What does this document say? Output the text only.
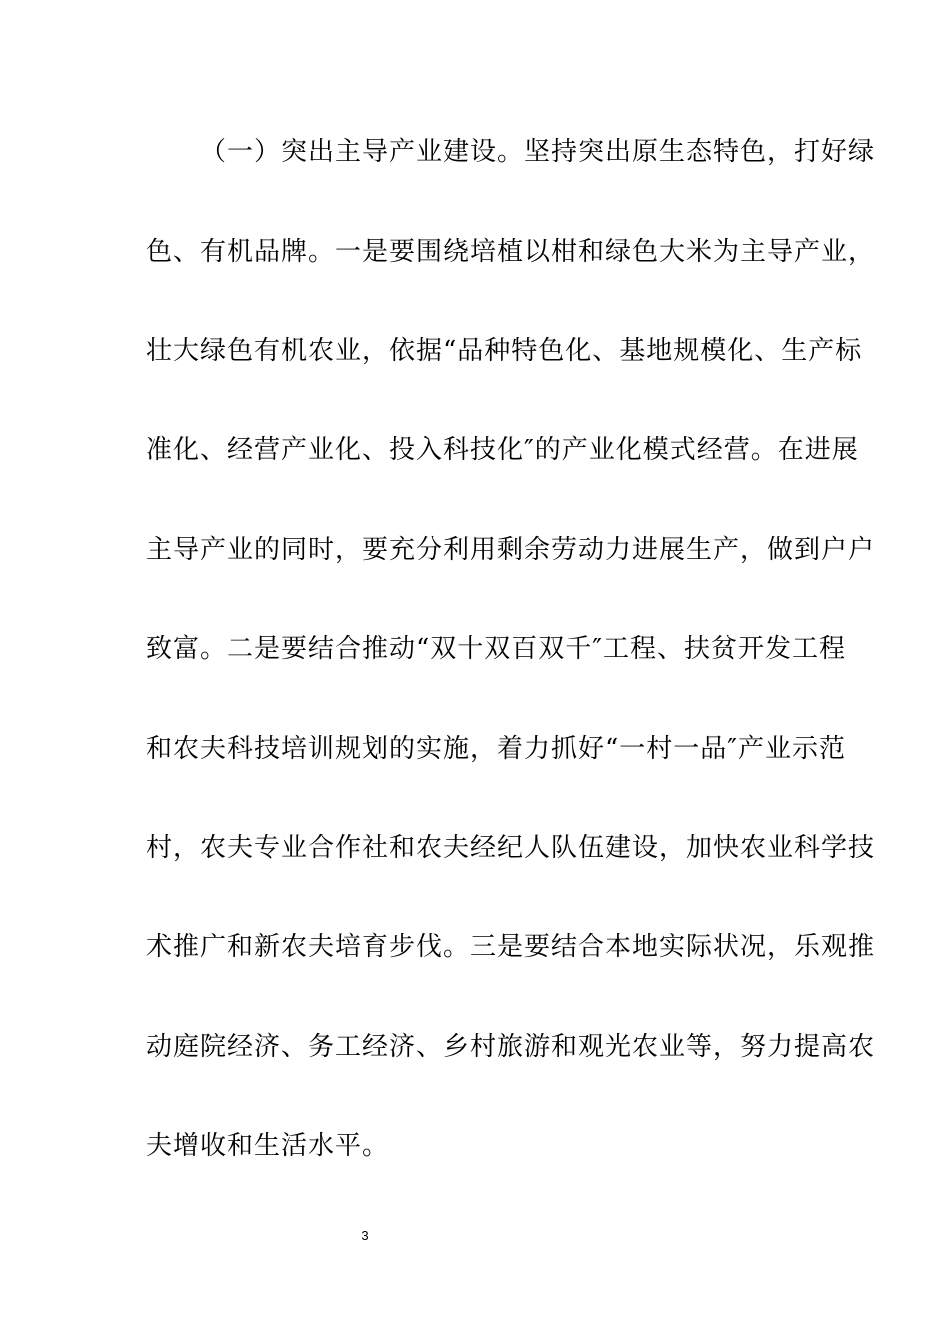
（一）突出主导产业建设。坚持突出原生态特色，打好绿
色、有机品牌。一是要围绕培植以柑和绿色大米为主导产业，
壮大绿色有机农业，依据“品种特色化、基地规模化、生产标
准化、经营产业化、投入科技化″的产业化模式经营。在进展
主导产业的同时，要充分利用剩余劳动力进展生产，做到户户
致富。二是要结合推动“双十双百双千″工程、扶贫开发工程
和农夫科技培训规划的实施，着力抓好“一村一品″产业示范
村，农夫专业合作社和农夫经纪人队伍建设，加快农业科学技
术推广和新农夫培育步伐。三是要结合本地实际状况，乐观推
动庭院经济、务工经济、乡村旅游和观光农业等，努力提高农
夫增收和生活水平。
3
